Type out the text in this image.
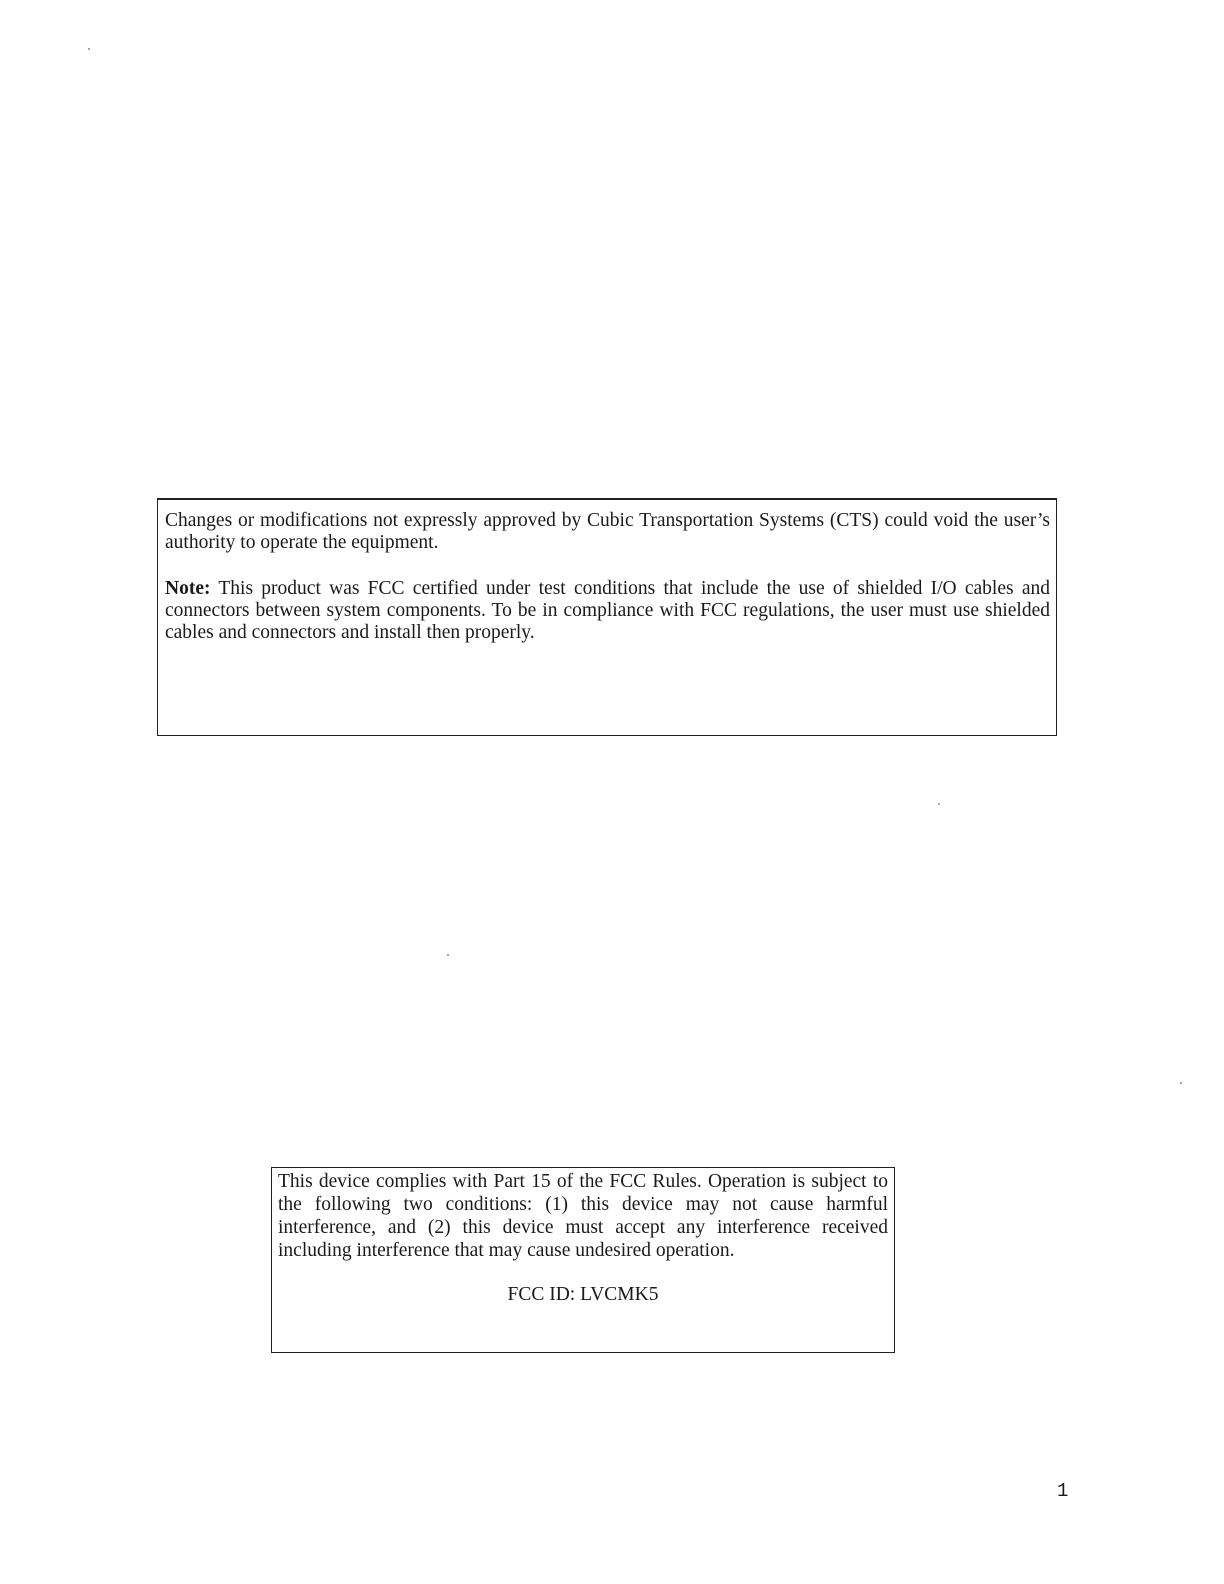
Changes or modifications not expressly approved by Cubic Transportation Systems (CTS) could void the user’s authority to operate the equipment.

Note: This product was FCC certified under test conditions that include the use of shielded I/O cables and connectors between system components. To be in compliance with FCC regulations, the user must use shielded cables and connectors and install then properly.

This device complies with Part 15 of the FCC Rules. Operation is subject to the following two conditions: (1) this device may not cause harmful interference, and (2) this device must accept any interference received including interference that may cause undesired operation.

FCC ID: LVCMK5

1
